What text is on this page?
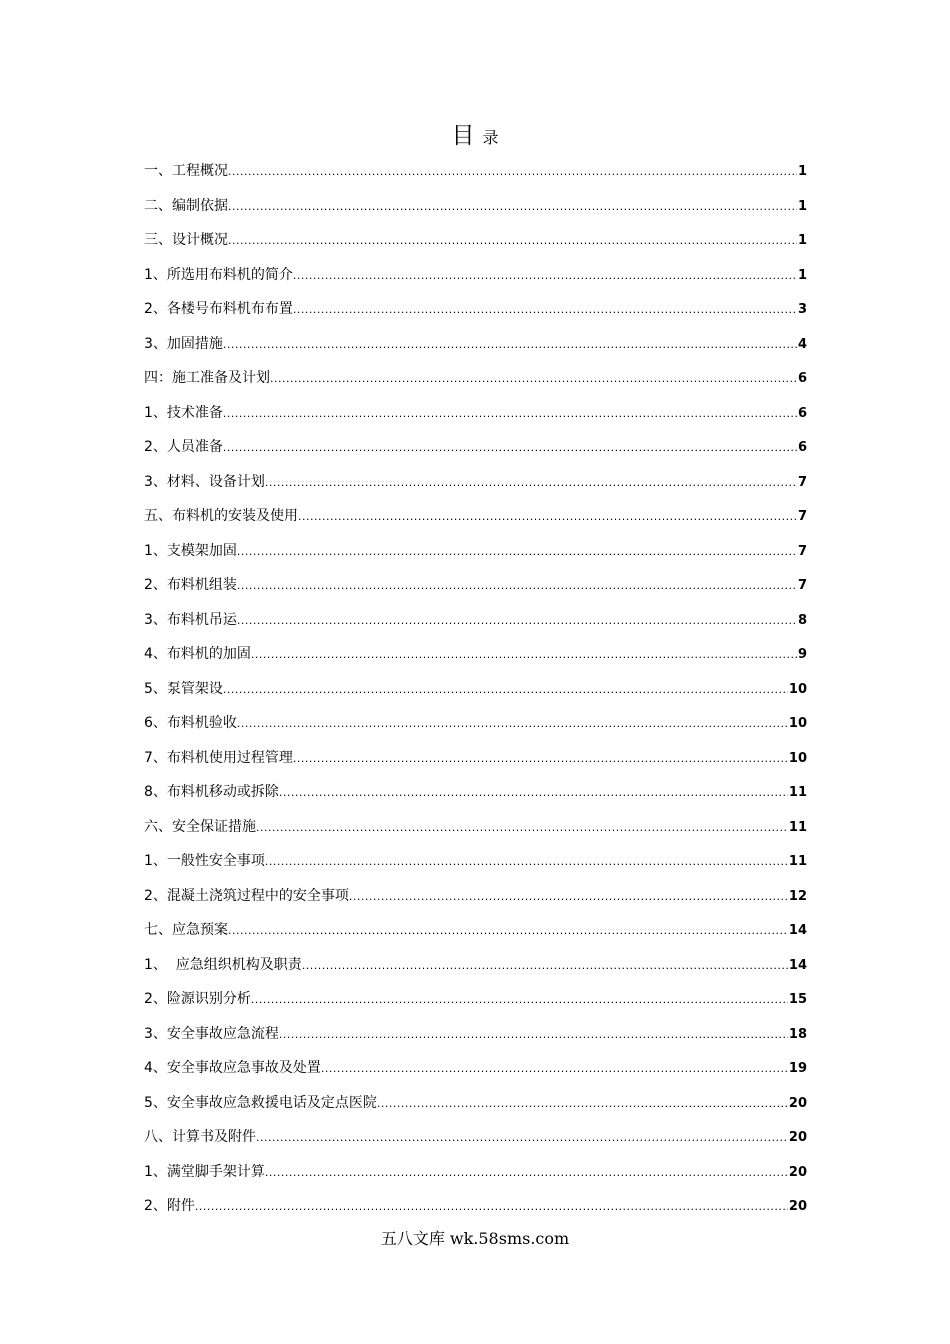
目 录
一、工程概况 .....	1
二、编制依据 .....	1
三、设计概况 .....	1
1、所选用布料机的简介 .....	1
2、各楼号布料机布布置 .....	3
3、加固措施 .....	4
四：施工准备及计划 .....	6
1、技术准备 .....	6
2、人员准备 .....	6
3、材料、设备计划 .....	7
五、布料机的安装及使用 .....	7
1、支模架加固 .....	7
2、布料机组装 .....	7
3、布料机吊运 .....	8
4、布料机的加固 .....	9
5、泵管架设 .....	10
6、布料机验收 .....	10
7、布料机使用过程管理 .....	10
8、布料机移动或拆除 .....	11
六、安全保证措施 .....	11
1、一般性安全事项 .....	11
2、混凝土浇筑过程中的安全事项 .....	12
七、应急预案 .....	14
1、  应急组织机构及职责 .....	14
2、险源识别分析 .....	15
3、安全事故应急流程 .....	18
4、安全事故应急事故及处置 .....	19
5、安全事故应急救援电话及定点医院 .....	20
八、计算书及附件 .....	20
1、满堂脚手架计算 .....	20
2、附件 .....	20
五八文库 wk.58sms.com
